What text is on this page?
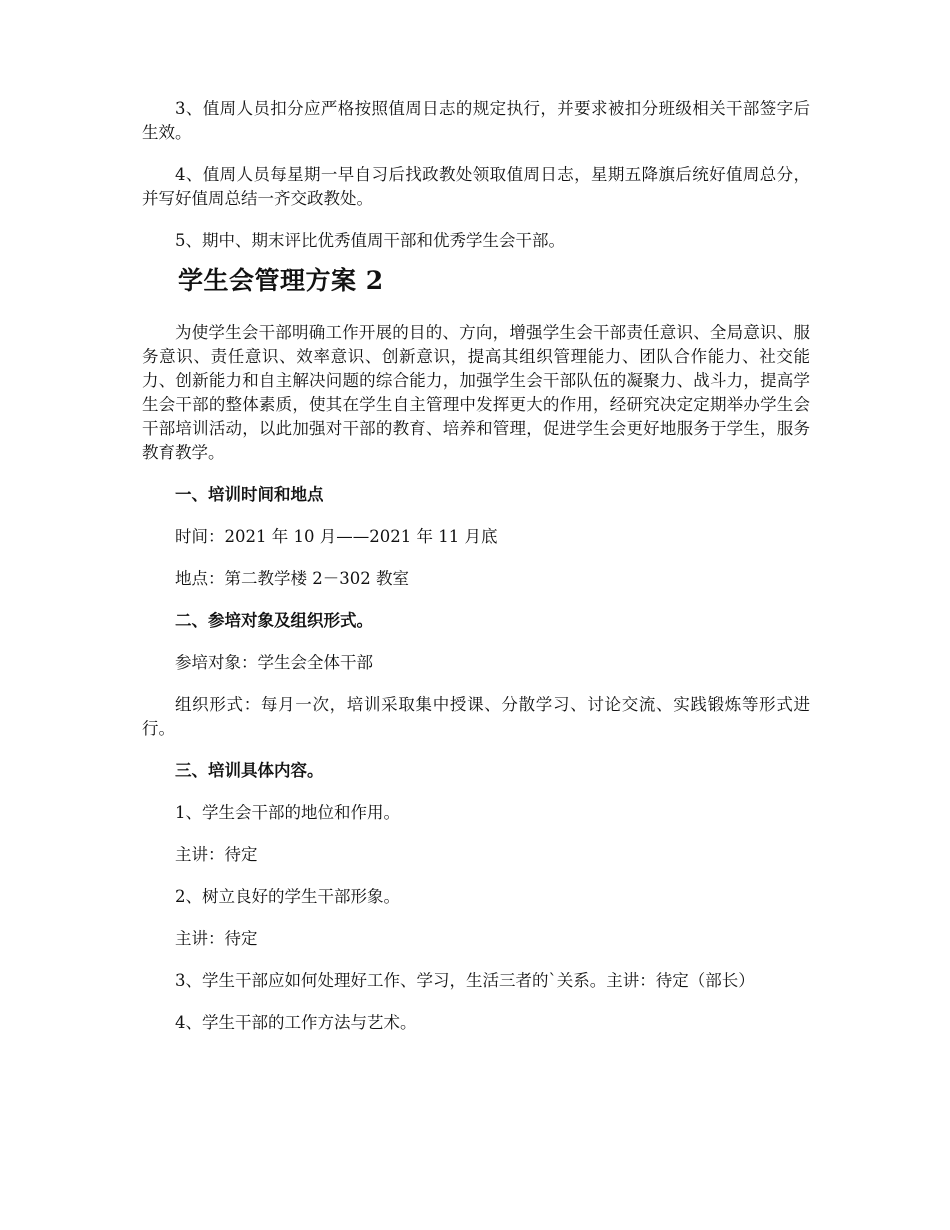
3、值周人员扣分应严格按照值周日志的规定执行，并要求被扣分班级相关干部签字后生效。

4、值周人员每星期一早自习后找政教处领取值周日志，星期五降旗后统好值周总分，并写好值周总结一齐交政教处。

5、期中、期末评比优秀值周干部和优秀学生会干部。

学生会管理方案 2

为使学生会干部明确工作开展的目的、方向，增强学生会干部责任意识、全局意识、服务意识、责任意识、效率意识、创新意识，提高其组织管理能力、团队合作能力、社交能力、创新能力和自主解决问题的综合能力，加强学生会干部队伍的凝聚力、战斗力，提高学生会干部的整体素质，使其在学生自主管理中发挥更大的作用，经研究决定定期举办学生会干部培训活动，以此加强对干部的教育、培养和管理，促进学生会更好地服务于学生，服务教育教学。

一、培训时间和地点

时间：2021 年 10 月——2021 年 11 月底

地点：第二教学楼 2－302 教室

二、参培对象及组织形式。

参培对象：学生会全体干部

组织形式：每月一次，培训采取集中授课、分散学习、讨论交流、实践锻炼等形式进行。

三、培训具体内容。

1、学生会干部的地位和作用。

主讲：待定

2、树立良好的学生干部形象。

主讲：待定

3、学生干部应如何处理好工作、学习，生活三者的`关系。主讲：待定（部长）

4、学生干部的工作方法与艺术。
